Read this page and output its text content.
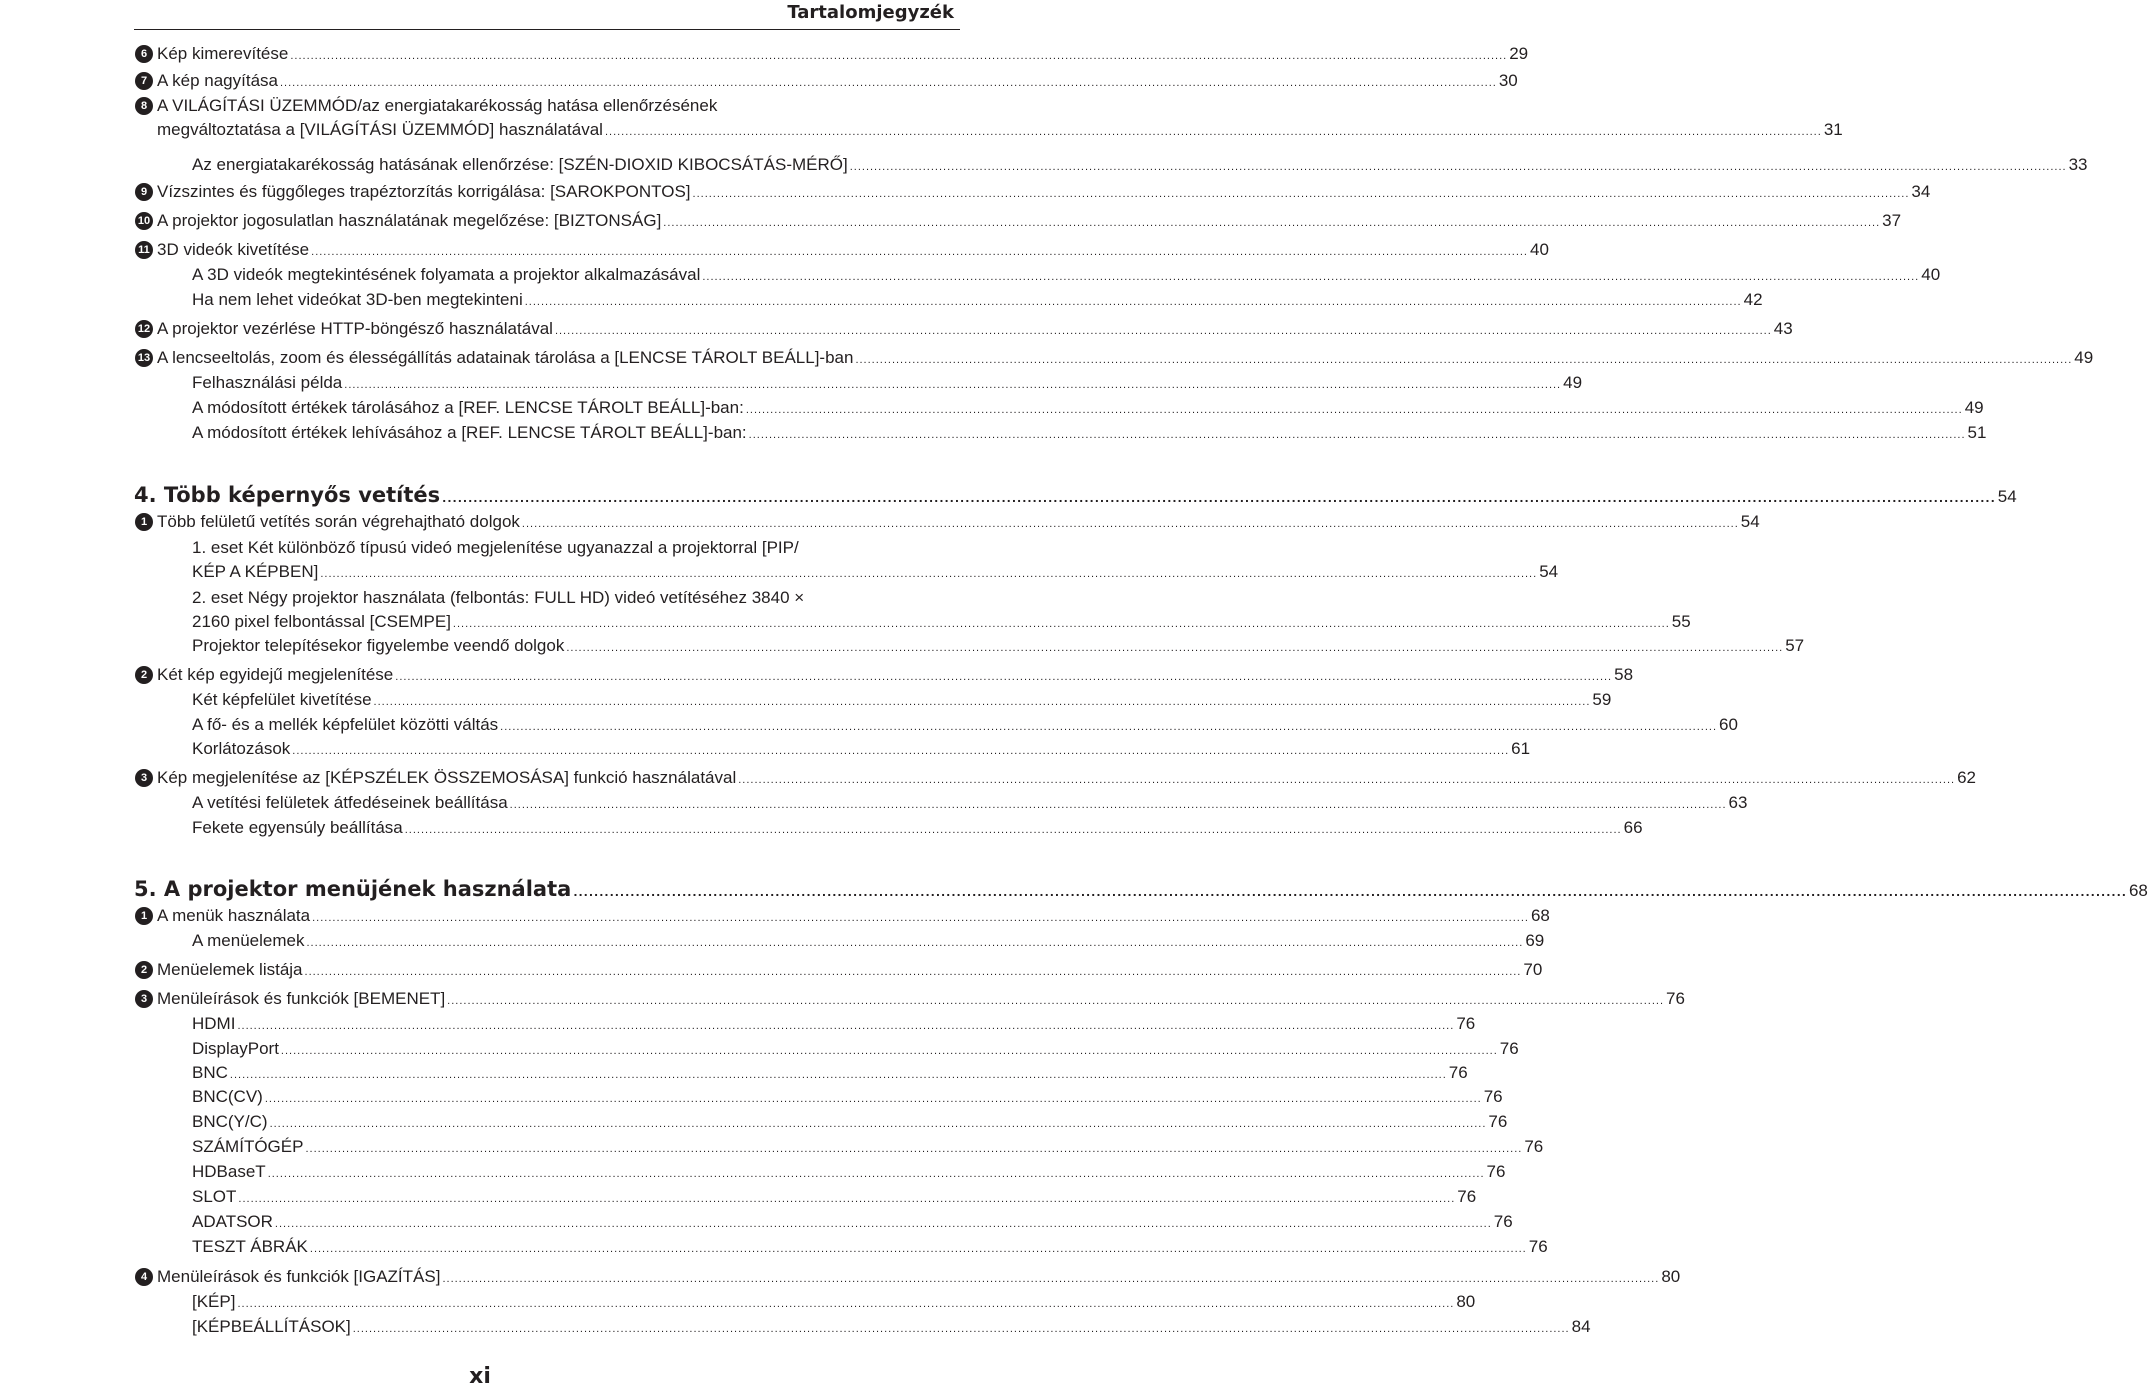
Tartalomjegyzék
6 Kép kimerevítése ............................................................................................................................................................................................................................................................................................................ 29
7 A kép nagyítása ............................................................................................................................................................................................................................................................................................................ 30
8 A VILÁGÍTÁSI ÜZEMMÓD/az energiatakarékosság hatása ellenőrzésének
megváltoztatása a [VILÁGÍTÁSI ÜZEMMÓD] használatával ............................................................................................................................................................................................................................................................................................................ 31
Az energiatakarékosság hatásának ellenőrzése: [SZÉN-DIOXID KIBOCSÁTÁS-MÉRŐ] ............................................................................................................................................................................................................................................................................................................ 33
9 Vízszintes és függőleges trapéztorzítás korrigálása: [SAROKPONTOS] ............................................................................................................................................................................................................................................................................................................ 34
10 A projektor jogosulatlan használatának megelőzése: [BIZTONSÁG] ............................................................................................................................................................................................................................................................................................................ 37
11 3D videók kivetítése ............................................................................................................................................................................................................................................................................................................ 40
A 3D videók megtekintésének folyamata a projektor alkalmazásával ............................................................................................................................................................................................................................................................................................................ 40
Ha nem lehet videókat 3D-ben megtekinteni ............................................................................................................................................................................................................................................................................................................ 42
12 A projektor vezérlése HTTP-böngésző használatával ............................................................................................................................................................................................................................................................................................................ 43
13 A lencseeltolás, zoom és élességállítás adatainak tárolása a [LENCSE TÁROLT BEÁLL]-ban ............................................................................................................................................................................................................................................................................................................ 49
Felhasználási példa ............................................................................................................................................................................................................................................................................................................ 49
A módosított értékek tárolásához a [REF. LENCSE TÁROLT BEÁLL]-ban: ............................................................................................................................................................................................................................................................................................................ 49
A módosított értékek lehívásához a [REF. LENCSE TÁROLT BEÁLL]-ban: ............................................................................................................................................................................................................................................................................................................ 51
4. Több képernyős vetítés ............................................................................................................................................................................................................................................................................................................ 54
1 Több felületű vetítés során végrehajtható dolgok ............................................................................................................................................................................................................................................................................................................ 54
1. eset Két különböző típusú videó megjelenítése ugyanazzal a projektorral [PIP/
KÉP A KÉPBEN] ............................................................................................................................................................................................................................................................................................................ 54
2. eset Négy projektor használata (felbontás: FULL HD) videó vetítéséhez 3840 ×
2160 pixel felbontással [CSEMPE] ............................................................................................................................................................................................................................................................................................................ 55
Projektor telepítésekor figyelembe veendő dolgok ............................................................................................................................................................................................................................................................................................................ 57
2 Két kép egyidejű megjelenítése ............................................................................................................................................................................................................................................................................................................ 58
Két képfelület kivetítése ............................................................................................................................................................................................................................................................................................................ 59
A fő- és a mellék képfelület közötti váltás ............................................................................................................................................................................................................................................................................................................ 60
Korlátozások ............................................................................................................................................................................................................................................................................................................ 61
3 Kép megjelenítése az [KÉPSZÉLEK ÖSSZEMOSÁSA] funkció használatával ............................................................................................................................................................................................................................................................................................................ 62
A vetítési felületek átfedéseinek beállítása ............................................................................................................................................................................................................................................................................................................ 63
Fekete egyensúly beállítása ............................................................................................................................................................................................................................................................................................................ 66
5. A projektor menüjének használata ............................................................................................................................................................................................................................................................................................................ 68
1 A menük használata ............................................................................................................................................................................................................................................................................................................ 68
A menüelemek ............................................................................................................................................................................................................................................................................................................ 69
2 Menüelemek listája ............................................................................................................................................................................................................................................................................................................ 70
3 Menüleírások és funkciók [BEMENET] ............................................................................................................................................................................................................................................................................................................ 76
HDMI ............................................................................................................................................................................................................................................................................................................ 76
DisplayPort ............................................................................................................................................................................................................................................................................................................ 76
BNC ............................................................................................................................................................................................................................................................................................................ 76
BNC(CV) ............................................................................................................................................................................................................................................................................................................ 76
BNC(Y/C) ............................................................................................................................................................................................................................................................................................................ 76
SZÁMÍTÓGÉP ............................................................................................................................................................................................................................................................................................................ 76
HDBaseT ............................................................................................................................................................................................................................................................................................................ 76
SLOT ............................................................................................................................................................................................................................................................................................................ 76
ADATSOR ............................................................................................................................................................................................................................................................................................................ 76
TESZT ÁBRÁK ............................................................................................................................................................................................................................................................................................................ 76
4 Menüleírások és funkciók [IGAZÍTÁS] ............................................................................................................................................................................................................................................................................................................ 80
[KÉP] ............................................................................................................................................................................................................................................................................................................ 80
[KÉPBEÁLLÍTÁSOK] ............................................................................................................................................................................................................................................................................................................ 84
xi
